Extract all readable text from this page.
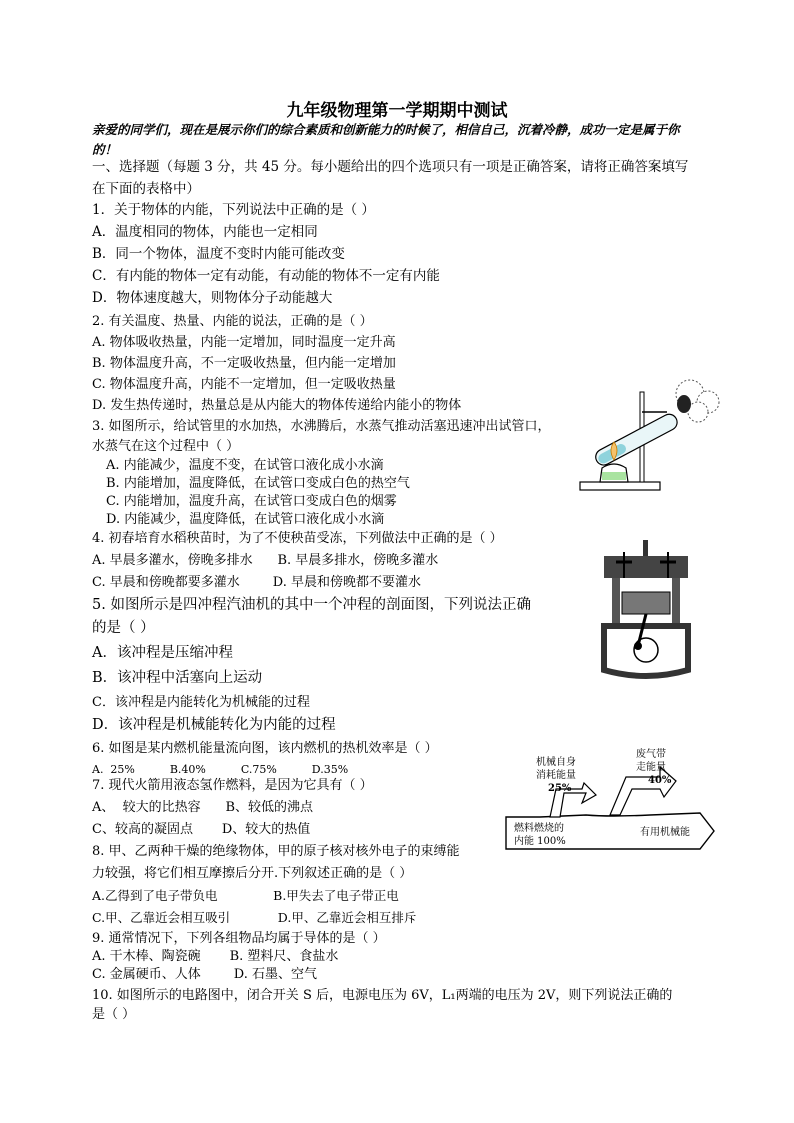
九年级物理第一学期期中测试
亲爱的同学们，现在是展示你们的综合素质和创新能力的时候了，相信自己，沉着冷静，成功一定是属于你的！
一、选择题（每题 3 分，共 45 分。每小题给出的四个选项只有一项是正确答案，请将正确答案填写
在下面的表格中）
1．关于物体的内能，下列说法中正确的是（ ）
A．温度相同的物体，内能也一定相同
B．同一个物体，温度不变时内能可能改变
C．有内能的物体一定有动能，有动能的物体不一定有内能
D．物体速度越大，则物体分子动能越大
2. 有关温度、热量、内能的说法，正确的是（ ）
A. 物体吸收热量，内能一定增加，同时温度一定升高
B. 物体温度升高，不一定吸收热量，但内能一定增加
C. 物体温度升高，内能不一定增加，但一定吸收热量
D. 发生热传递时，热量总是从内能大的物体传递给内能小的物体
3. 如图所示，给试管里的水加热，水沸腾后，水蒸气推动活塞迅速冲出试管口，
水蒸气在这个过程中（ ）
A. 内能减少，温度不变，在试管口液化成小水滴
B. 内能增加，温度降低，在试管口变成白色的热空气
C. 内能增加，温度升高，在试管口变成白色的烟雾
D. 内能减少，温度降低，在试管口液化成小水滴
4. 初春培育水稻秧苗时，为了不使秧苗受冻，下列做法中正确的是（ ）
A. 早晨多灌水，傍晚多排水      B. 早晨多排水，傍晚多灌水
C. 早晨和傍晚都要多灌水        D. 早晨和傍晚都不要灌水
5. 如图所示是四冲程汽油机的其中一个冲程的剖面图，下列说法正确
的是（ ）
A．该冲程是压缩冲程
B．该冲程中活塞向上运动
C．该冲程是内能转化为机械能的过程
D．该冲程是机械能转化为内能的过程
6. 如图是某内燃机能量流向图，该内燃机的热机效率是（ ）
A.  25%          B.40%          C.75%          D.35%
7. 现代火箭用液态氢作燃料，是因为它具有（ ）
A、  较大的比热容      B、较低的沸点
C、较高的凝固点       D、较大的热值
8. 甲、乙两种干燥的绝缘物体，甲的原子核对核外电子的束缚能
力较强，将它们相互摩擦后分开.下列叙述正确的是（ ）
A.乙得到了电子带负电              B.甲失去了电子带正电
C.甲、乙靠近会相互吸引            D.甲、乙靠近会相互排斥
9. 通常情况下，下列各组物品均属于导体的是（ ）
A. 干木棒、陶瓷碗       B. 塑料尺、食盐水
C. 金属硬币、人体        D. 石墨、空气
10. 如图所示的电路图中，闭合开关 S 后，电源电压为 6V，L₁两端的电压为 2V，则下列说法正确的
是（ ）
机械自身
消耗能量
25%
废气带
走能量
40%
燃料燃烧的
内能 100%
有用机械能
